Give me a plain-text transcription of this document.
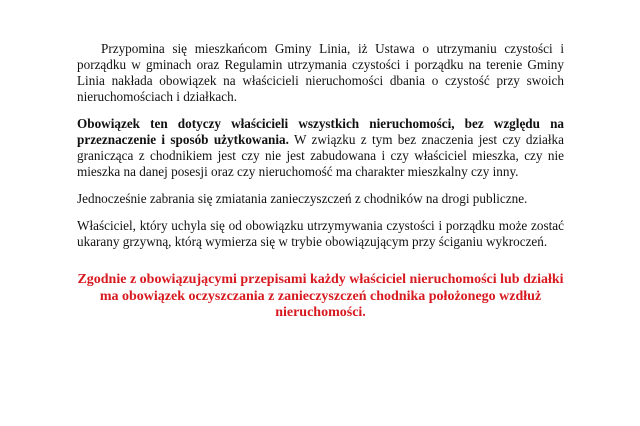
Przypomina się mieszkańcom Gminy Linia, iż Ustawa o utrzymaniu czystości i porządku w gminach oraz Regulamin utrzymania czystości i porządku na terenie Gminy Linia nakłada obowiązek na właścicieli nieruchomości dbania o czystość przy swoich nieruchomościach i działkach.

Obowiązek ten dotyczy właścicieli wszystkich nieruchomości, bez względu na przeznaczenie i sposób użytkowania. W związku z tym bez znaczenia jest czy działka granicząca z chodnikiem jest czy nie jest zabudowana i czy właściciel mieszka, czy nie mieszka na danej posesji oraz czy nieruchomość ma charakter mieszkalny czy inny.

Jednocześnie zabrania się zmiatania zanieczyszczeń z chodników na drogi publiczne.

Właściciel, który uchyla się od obowiązku utrzymywania czystości i porządku może zostać ukarany grzywną, którą wymierza się w trybie obowiązującym przy ściganiu wykroczeń.

Zgodnie z obowiązującymi przepisami każdy właściciel nieruchomości lub działki ma obowiązek oczyszczania z zanieczyszczeń chodnika położonego wzdłuż nieruchomości.
